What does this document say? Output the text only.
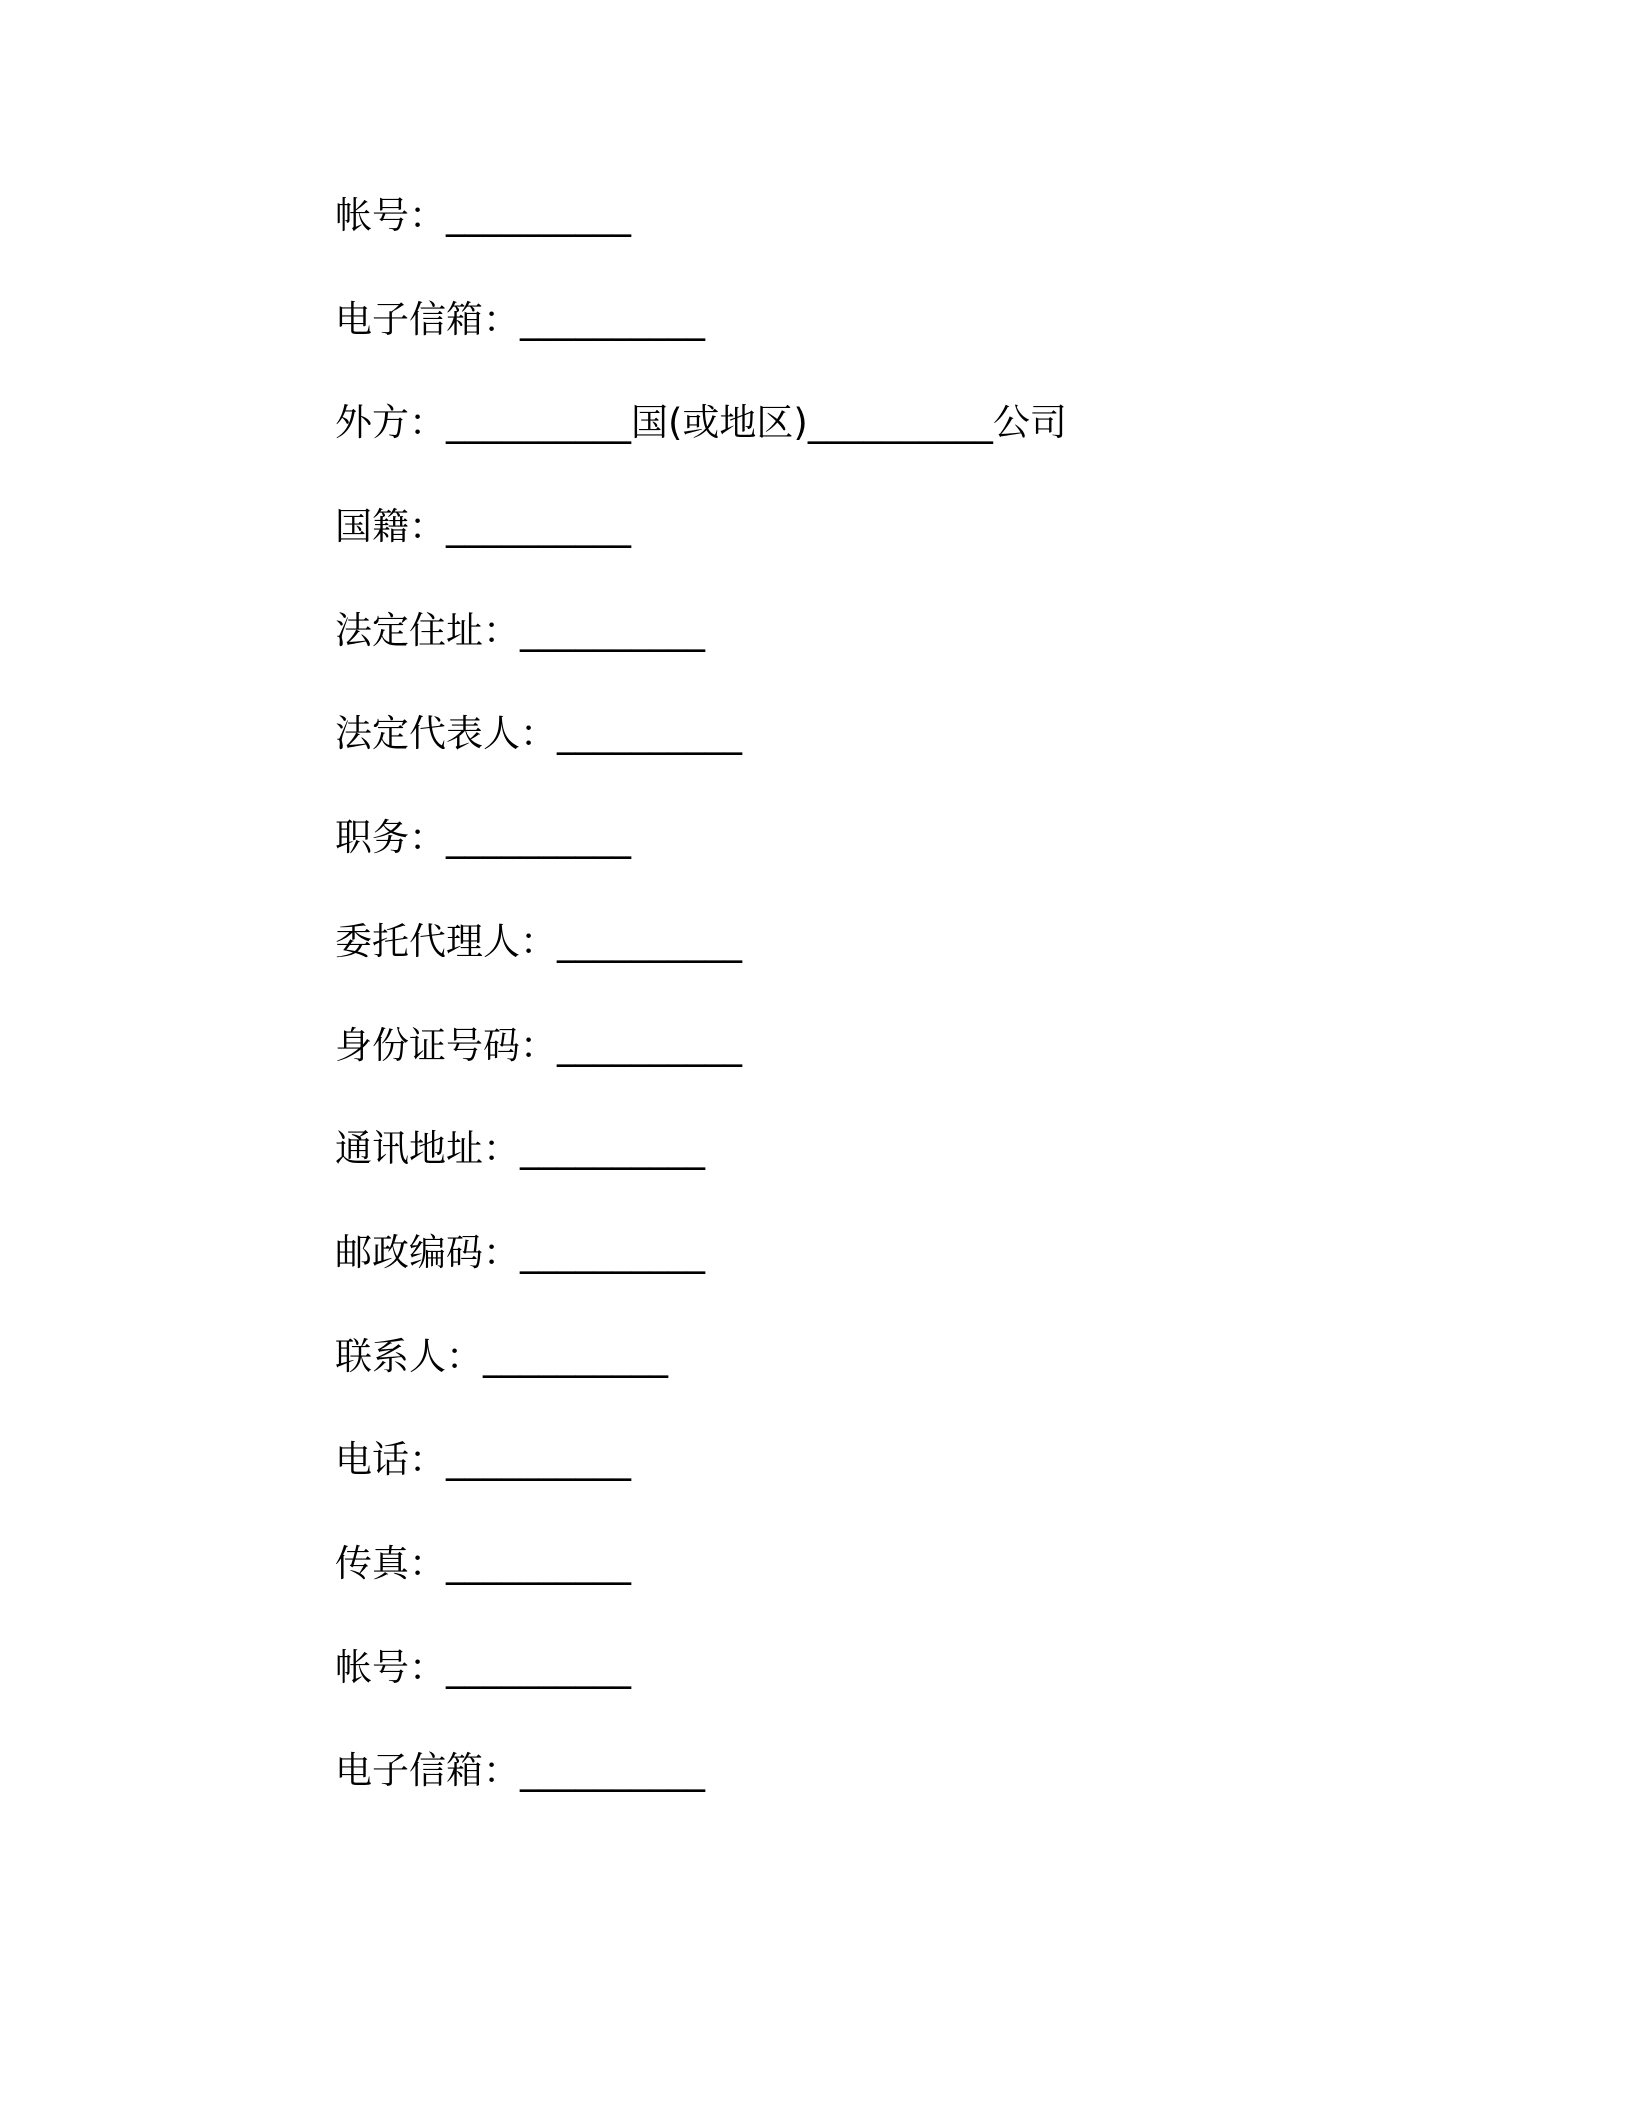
帐号：__________
电子信箱：__________
外方：__________国(或地区)__________公司
国籍：__________
法定住址：__________
法定代表人：__________
职务：__________
委托代理人：__________
身份证号码：__________
通讯地址：__________
邮政编码：__________
联系人：__________
电话：__________
传真：__________
帐号：__________
电子信箱：__________
